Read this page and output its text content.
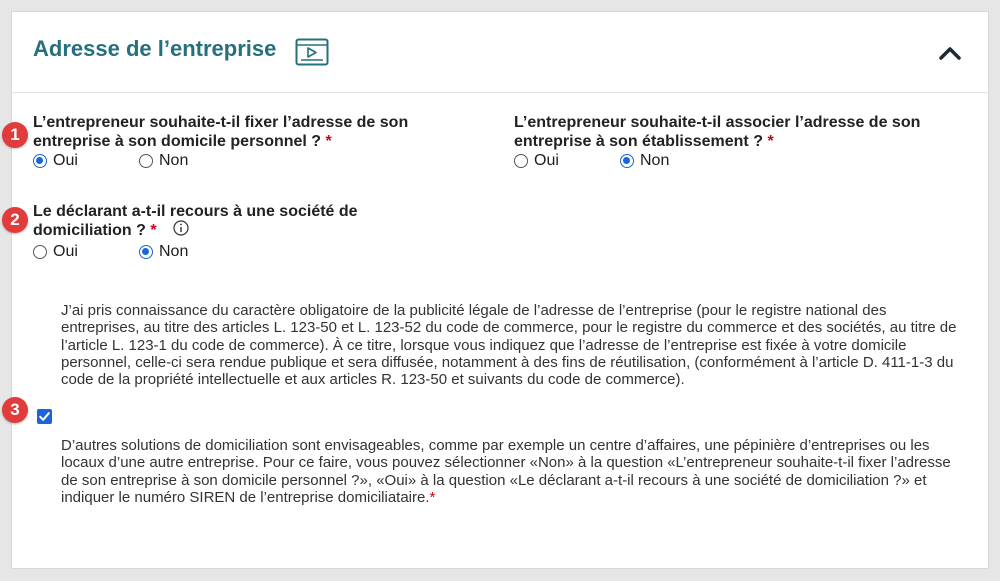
Adresse de l’entreprise
1
L’entrepreneur souhaite-t-il fixer l’adresse de son entreprise à son domicile personnel ? *
Oui	Non
L’entrepreneur souhaite-t-il associer l’adresse de son entreprise à son établissement ? *
Oui	Non
2 Le déclarant a-t-il recours à une société de domiciliation ? *
Oui	Non
3
J’ai pris connaissance du caractère obligatoire de la publicité légale de l’adresse de l’entreprise (pour le registre national des entreprises, au titre des articles L. 123-50 et L. 123-52 du code de commerce, pour le registre du commerce et des sociétés, au titre de l’article L. 123-1 du code de commerce). À ce titre, lorsque vous indiquez que l’adresse de l’entreprise est fixée à votre domicile personnel, celle-ci sera rendue publique et sera diffusée, notamment à des fins de réutilisation, (conformément à l’article D. 411-1-3 du code de la propriété intellectuelle et aux articles R. 123-50 et suivants du code de commerce).
D’autres solutions de domiciliation sont envisageables, comme par exemple un centre d’affaires, une pépinière d’entreprises ou les locaux d’une autre entreprise. Pour ce faire, vous pouvez sélectionner «Non» à la question «L’entrepreneur souhaite-t-il fixer l’adresse de son entreprise à son domicile personnel ?», «Oui» à la question «Le déclarant a-t-il recours à une société de domiciliation ?» et indiquer le numéro SIREN de l’entreprise domiciliataire.*
